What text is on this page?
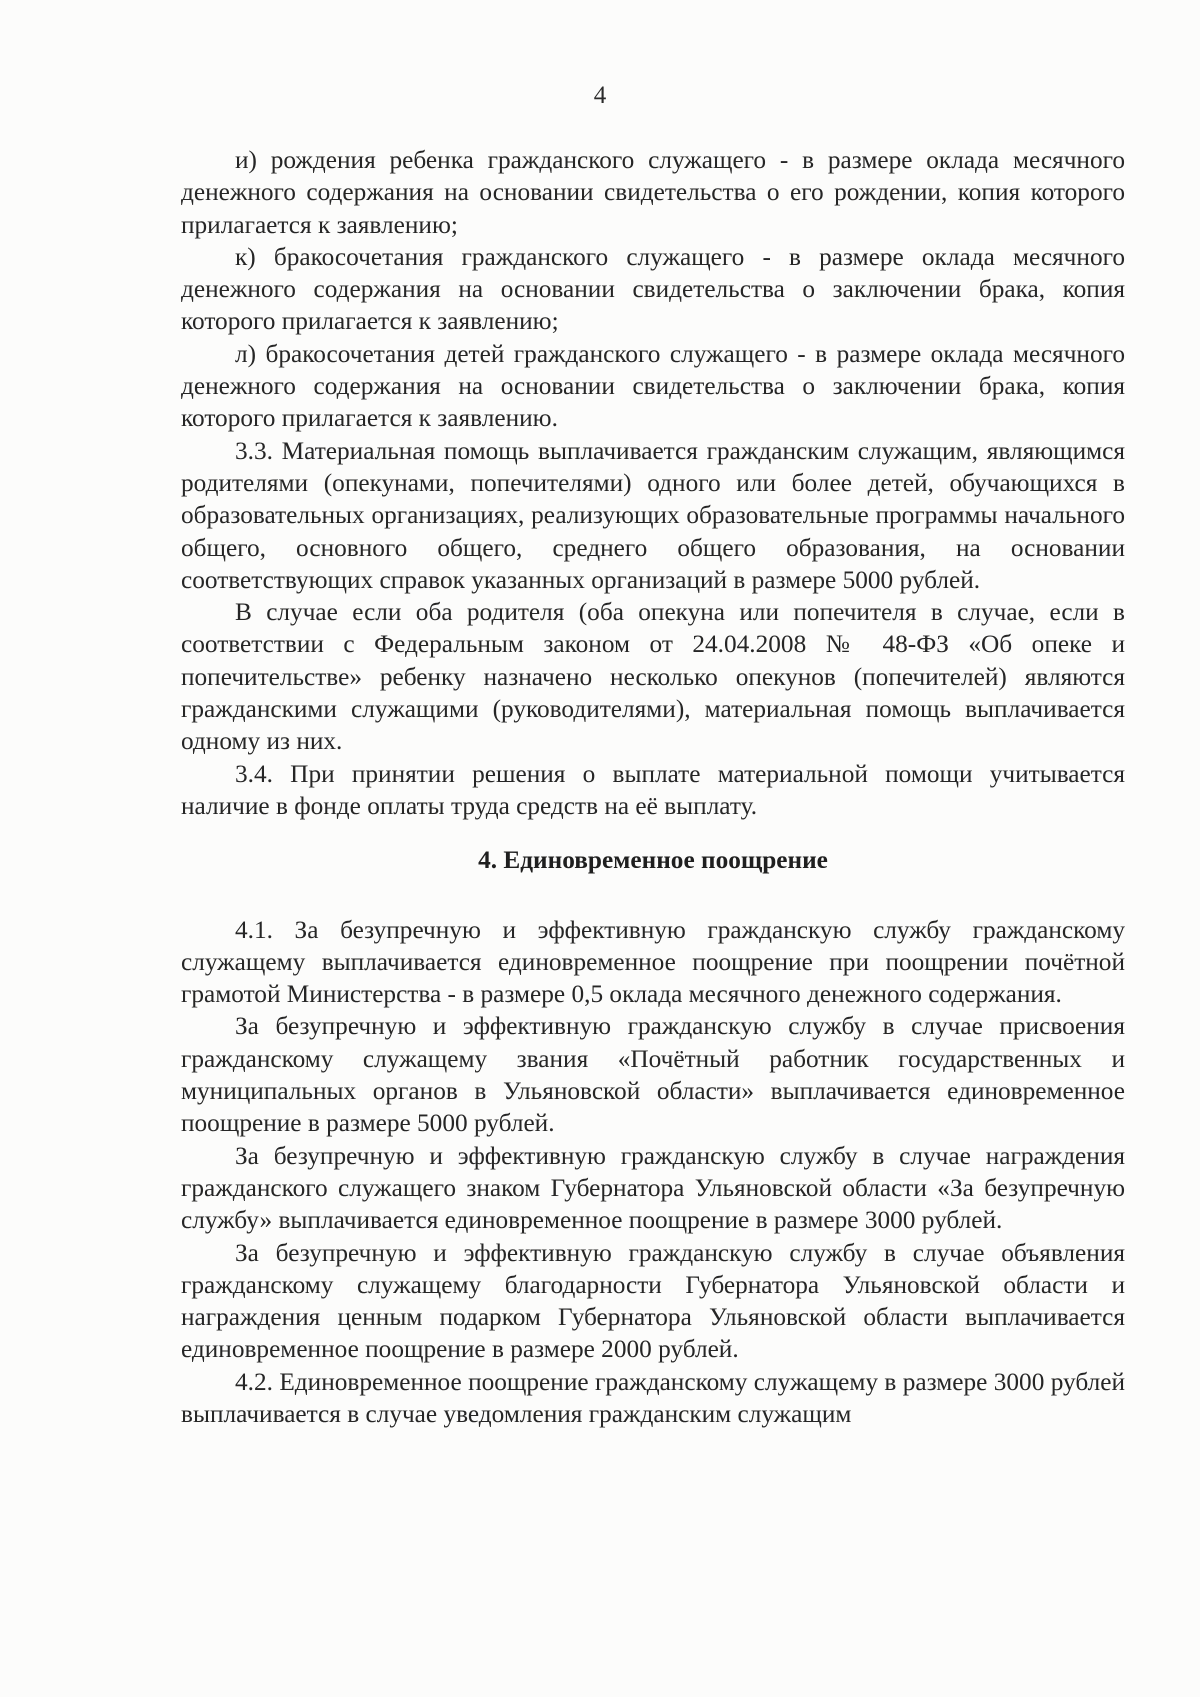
4

и) рождения ребенка гражданского служащего - в размере оклада месячного денежного содержания на основании свидетельства о его рождении, копия которого прилагается к заявлению;

к) бракосочетания гражданского служащего - в размере оклада месячного денежного содержания на основании свидетельства о заключении брака, копия которого прилагается к заявлению;

л) бракосочетания детей гражданского служащего - в размере оклада месячного денежного содержания на основании свидетельства о заключении брака, копия которого прилагается к заявлению.

3.3. Материальная помощь выплачивается гражданским служащим, являющимся родителями (опекунами, попечителями) одного или более детей, обучающихся в образовательных организациях, реализующих образовательные программы начального общего, основного общего, среднего общего образования, на основании соответствующих справок указанных организаций в размере 5000 рублей.

В случае если оба родителя (оба опекуна или попечителя в случае, если в соответствии с Федеральным законом от 24.04.2008 № 48-ФЗ «Об опеке и попечительстве» ребенку назначено несколько опекунов (попечителей) являются гражданскими служащими (руководителями), материальная помощь выплачивается одному из них.

3.4. При принятии решения о выплате материальной помощи учитывается наличие в фонде оплаты труда средств на её выплату.

4. Единовременное поощрение

4.1. За безупречную и эффективную гражданскую службу гражданскому служащему выплачивается единовременное поощрение при поощрении почётной грамотой Министерства - в размере 0,5 оклада месячного денежного содержания.

За безупречную и эффективную гражданскую службу в случае присвоения гражданскому служащему звания «Почётный работник государственных и муниципальных органов в Ульяновской области» выплачивается единовременное поощрение в размере 5000 рублей.

За безупречную и эффективную гражданскую службу в случае награждения гражданского служащего знаком Губернатора Ульяновской области «За безупречную службу» выплачивается единовременное поощрение в размере 3000 рублей.

За безупречную и эффективную гражданскую службу в случае объявления гражданскому служащему благодарности Губернатора Ульяновской области и награждения ценным подарком Губернатора Ульяновской области выплачивается единовременное поощрение в размере 2000 рублей.

4.2. Единовременное поощрение гражданскому служащему в размере 3000 рублей выплачивается в случае уведомления гражданским служащим
